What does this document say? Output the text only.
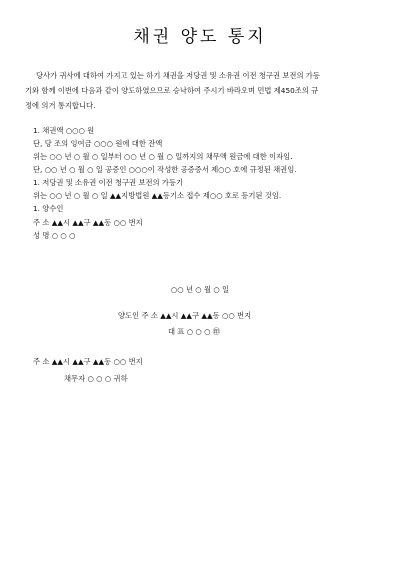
채권 양도 통지
당사가 귀사에 대하여 가지고 있는 하기 채권을 저당권 및 소유권 이전 청구권 보전의 가등
기와 함께 이번에 다음과 같이 양도하였으므로 승낙하여 주시기 바라오며 민법 제450조의 규
정에 의거 통지합니다.
1. 채권액 ○○○ 원
단, 당 조의 잉여금 ○○○ 원에 대한 잔액
위는 ○○ 년 ○ 월 ○ 일부터 ○○ 년 ○ 월 ○ 일까지의 채무액 원금에 대한 이자임.
단, ○○ 년 ○ 월 ○ 일 공증인 ○○○이 작성한 공증증서 제○○ 호에 규정된 채권임.
1. 저당권 및 소유권 이전 청구권 보전의 가등기
위는 ○○ 년 ○ 월 ○ 일 ▲▲지방법원 ▲▲등기소 접수 제○○ 호로 등기된 것임.
1. 양수인
주 소 ▲▲시 ▲▲구 ▲▲동 ○○ 번지
성 명 ○ ○ ○
○○ 년 ○ 월 ○ 일
양도인 주 소 ▲▲시 ▲▲구 ▲▲동 ○○ 번지
대 표 ○ ○ ○ ㊞
주 소 ▲▲시 ▲▲구 ▲▲동 ○○ 번지
채무자 ○ ○ ○ 귀하
